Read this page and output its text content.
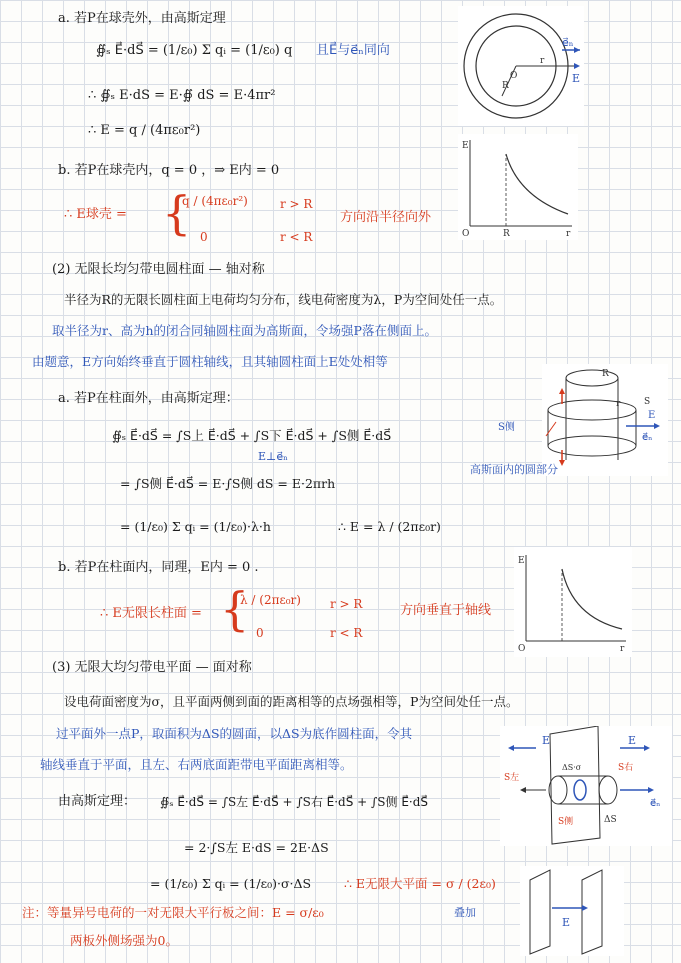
a. 若P在球壳外，由高斯定理
∯ₛ E⃗·dS⃗ = (1/ε₀) Σ qᵢ = (1/ε₀) q 且E⃗与e⃗ₙ同向
∴ ∯ₛ E·dS = E·∯ dS = E·4πr²
∴ E = q / (4πε₀r²)
b. 若P在球壳内，q = 0 ，⇒ E内 = 0
∴ E球壳 = {
q / (4πε₀r²)	r > R
0	r < R
方向沿半径向外
e⃗ₙ
E
r
R
O
E
O	R	r
(2) 无限长均匀带电圆柱面 — 轴对称
半径为R的无限长圆柱面上电荷均匀分布，线电荷密度为λ，P为空间处任一点。
取半径为r、高为h的闭合同轴圆柱面为高斯面，令场强P落在侧面上。
由题意，E方向始终垂直于圆柱轴线，且其轴圆柱面上E处处相等
a. 若P在柱面外，由高斯定理：
∯ₛ E⃗·dS⃗ = ∫S上 E⃗·dS⃗ + ∫S下 E⃗·dS⃗ + ∫S侧 E⃗·dS⃗
E⊥e⃗ₙ
= ∫S侧 E⃗·dS⃗ = E·∫S侧 dS = E·2πrh
= (1/ε₀) Σ qᵢ = (1/ε₀)·λ·h	∴ E = λ / (2πε₀r)
b. 若P在柱面内，同理，E内 = 0 .
∴ E无限长柱面 = {
λ / (2πε₀r) r > R
0	r < R
方向垂直于轴线
R
r	S
E
e⃗ₙ
S侧
高斯面内的圆部分
E
O	r
(3) 无限大均匀带电平面 — 面对称
设电荷面密度为σ，且平面两侧到面的距离相等的点场强相等，P为空间处任一点。
过平面外一点P，取面积为ΔS的圆面，以ΔS为底作圆柱面，令其
轴线垂直于平面，且左、右两底面距带电平面距离相等。
由高斯定理： ∯ₛ E⃗·dS⃗ = ∫S左 E⃗·dS⃗ + ∫S右 E⃗·dS⃗ + ∫S侧 E⃗·dS⃗
= 2·∫S左 E·dS = 2E·ΔS
= (1/ε₀) Σ qᵢ = (1/ε₀)·σ·ΔS	∴ E无限大平面 = σ / (2ε₀)
注：等量异号电荷的一对无限大平行板之间：E = σ/ε₀	叠加
两板外侧场强为0。
E	E
S左
S右
ΔS·σ
ΔS
S侧
e⃗ₙ
E
